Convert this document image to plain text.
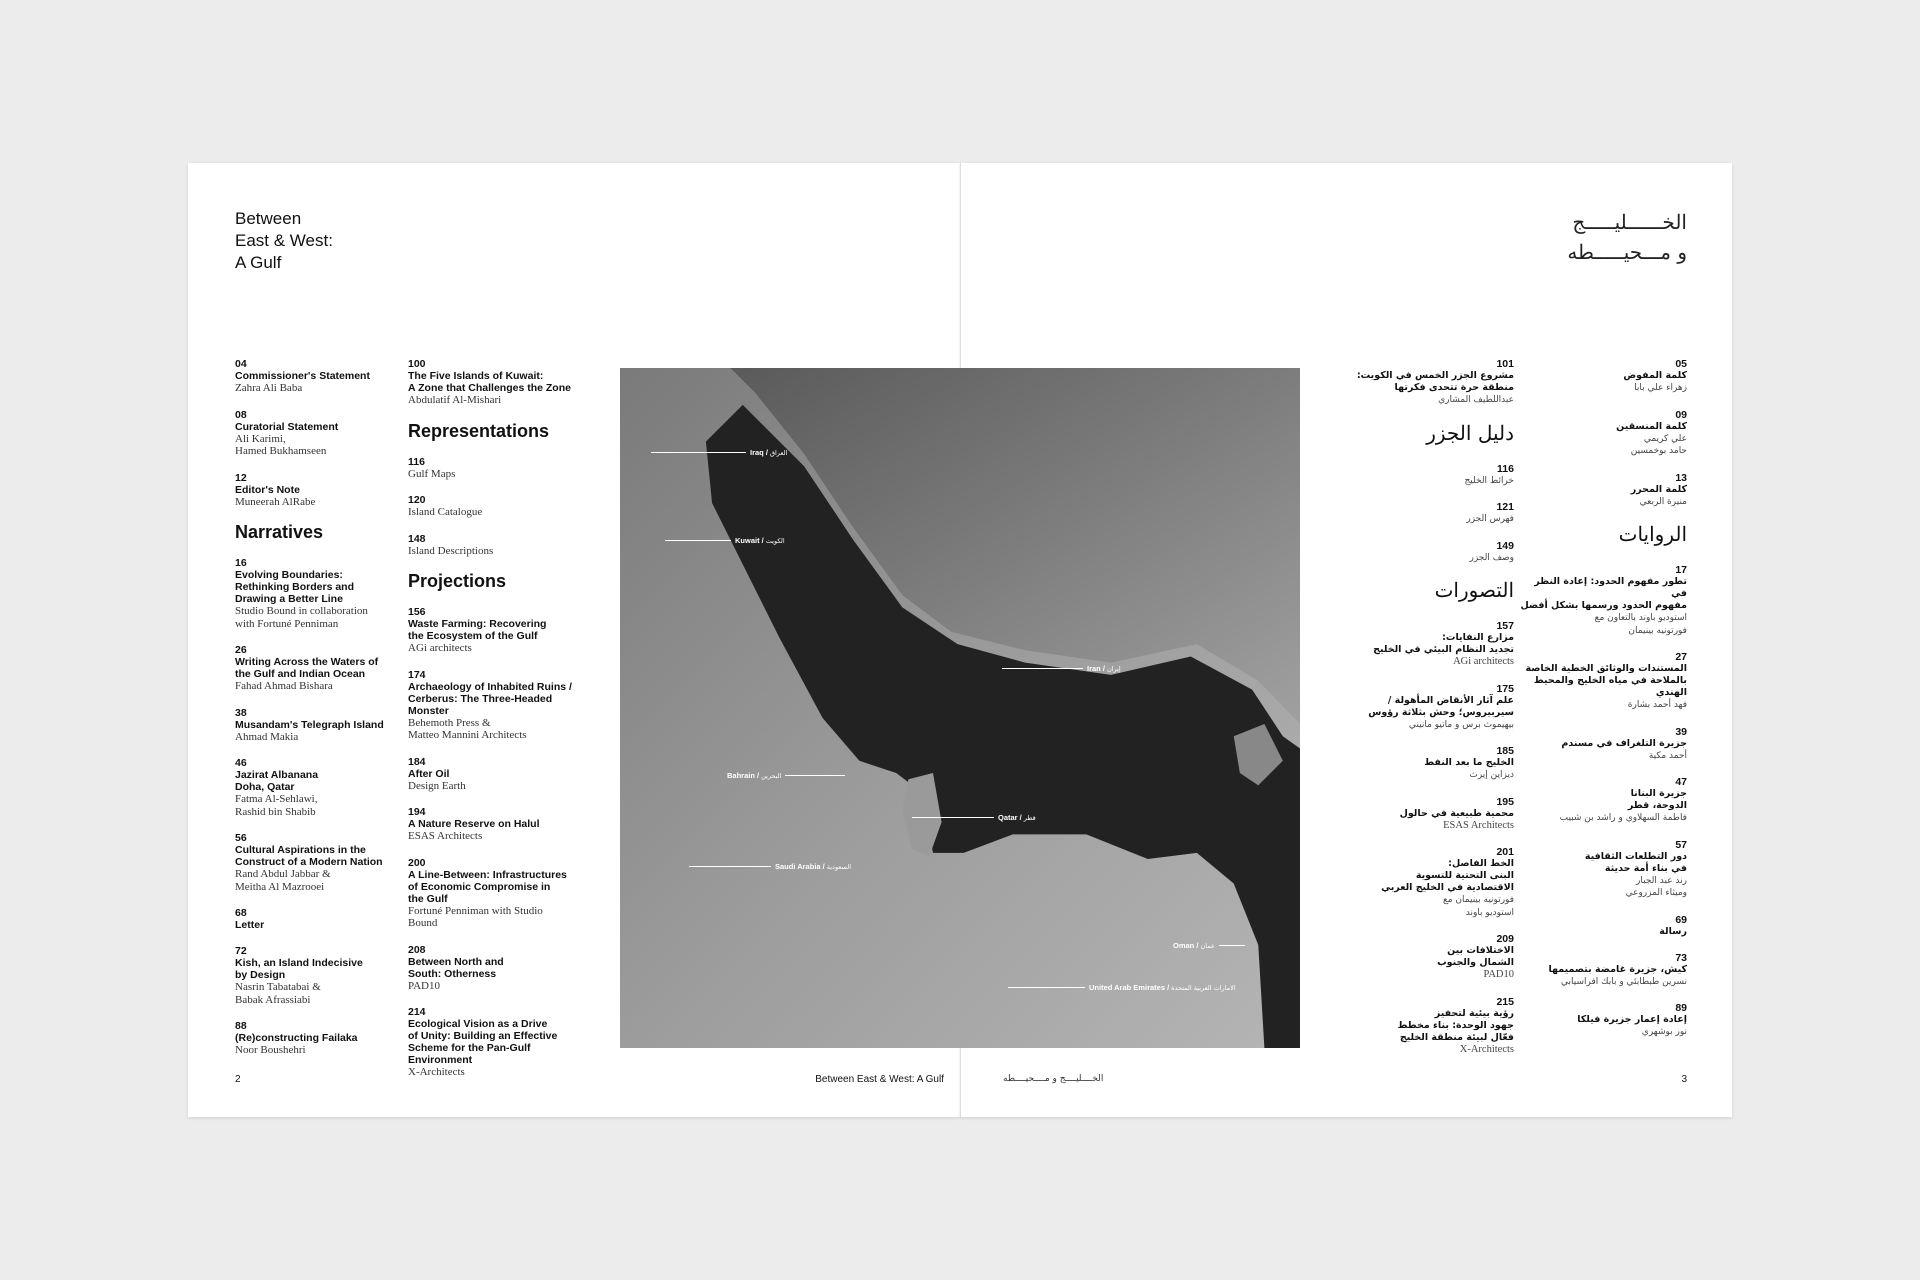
Between
East & West:
A Gulf
04
Commissioner's Statement
Zahra Ali Baba
08
Curatorial Statement
Ali Karimi,
Hamed Bukhamseen
12
Editor's Note
Muneerah AlRabe
Narratives
16
Evolving Boundaries:
Rethinking Borders and
Drawing a Better Line
Studio Bound in collaboration
with Fortuné Penniman
26
Writing Across the Waters of
the Gulf and Indian Ocean
Fahad Ahmad Bishara
38
Musandam's Telegraph Island
Ahmad Makia
46
Jazirat Albanana
Doha, Qatar
Fatma Al-Sehlawi,
Rashid bin Shabib
56
Cultural Aspirations in the
Construct of a Modern Nation
Rand Abdul Jabbar &
Meitha Al Mazrooei
68
Letter
72
Kish, an Island Indecisive
by Design
Nasrin Tabatabai &
Babak Afrassiabi
88
(Re)constructing Failaka
Noor Boushehri
100
The Five Islands of Kuwait:
A Zone that Challenges the Zone
Abdulatif Al-Mishari
Representations
116
Gulf Maps
120
Island Catalogue
148
Island Descriptions
Projections
156
Waste Farming: Recovering
the Ecosystem of the Gulf
AGi architects
174
Archaeology of Inhabited Ruins /
Cerberus: The Three-Headed
Monster
Behemoth Press &
Matteo Mannini Architects
184
After Oil
Design Earth
194
A Nature Reserve on Halul
ESAS Architects
200
A Line-Between: Infrastructures
of Economic Compromise in
the Gulf
Fortuné Penniman with Studio
Bound
208
Between North and
South: Otherness
PAD10
214
Ecological Vision as a Drive
of Unity: Building an Effective
Scheme for the Pan-Gulf
Environment
X-Architects
2	Between East & West: A Gulf
الخــــــليـــــج
و مـــحيـــــطه
05
كلمة المفوض
زهراء علي بابا
09
كلمة المنسقين
علي كريمي
حامد بوخمسين
13
كلمة المحرر
منيرة الربعي
الروايات
17
تطور مفهوم الحدود: إعادة النظر في
مفهوم الحدود ورسمها بشكل أفضل
استوديو باوند بالتعاون مع
فورتونيه بينيمان
27
المستندات والوثائق الخطية الخاصة
بالملاحة في مياه الخليج والمحيط الهندي
فهد أحمد بشارة
39
جزيرة التلغراف في مسندم
أحمد مكية
47
جزيرة البنانا
الدوحة، قطر
فاطمة السهلاوي و راشد بن شبيب
57
دور التطلعات الثقافية
في بناء أمة حديثة
رند عبد الجبار
وميثاء المزروعي
69
رسالة
73
كيش، جزيرة غامضة بتصميمها
نسرين طبطابئي و بابك افراسيابي
89
إعادة إعمار جزيرة فيلكا
نور بوشهري
101
مشروع الجزر الخمس في الكويت:
منطقة حرة تتحدى فكرتها
عبداللطيف المشاري
دليل الجزر
116
خرائط الخليج
121
فهرس الجزر
149
وصف الجزر
التصورات
157
مزارع النفايات:
تجديد النظام البيئي في الخليج
AGi architects
175
علم آثار الأنقاض المأهولة /
سيربيروس؛ وحش بثلاثة رؤوس
بيهيموث برس و ماتيو مانيني
185
الخليج ما بعد النفط
ديزاين إيرث
195
محمية طبيعية في حالول
ESAS Architects
201
الخط الفاصل:
البنى التحتية للتسوية
الاقتصادية في الخليج العربي
فورتونيه بينيمان مع
استوديو باوند
209
الاختلافات بين
الشمال والجنوب
PAD10
215
رؤية بيئية لتحفيز
جهود الوحدة: بناء مخطط
فعّال لبيئة منطقة الخليج
X-Architects
الخــــليــــج و مــــحيــــطه	3
Iraq / العراق
Kuwait / الكويت
Iran / إيران
Bahrain / البحرين
Qatar / قطر
Saudi Arabia / السعودية
Oman / عمان
United Arab Emirates / الامارات العربية المتحدة
